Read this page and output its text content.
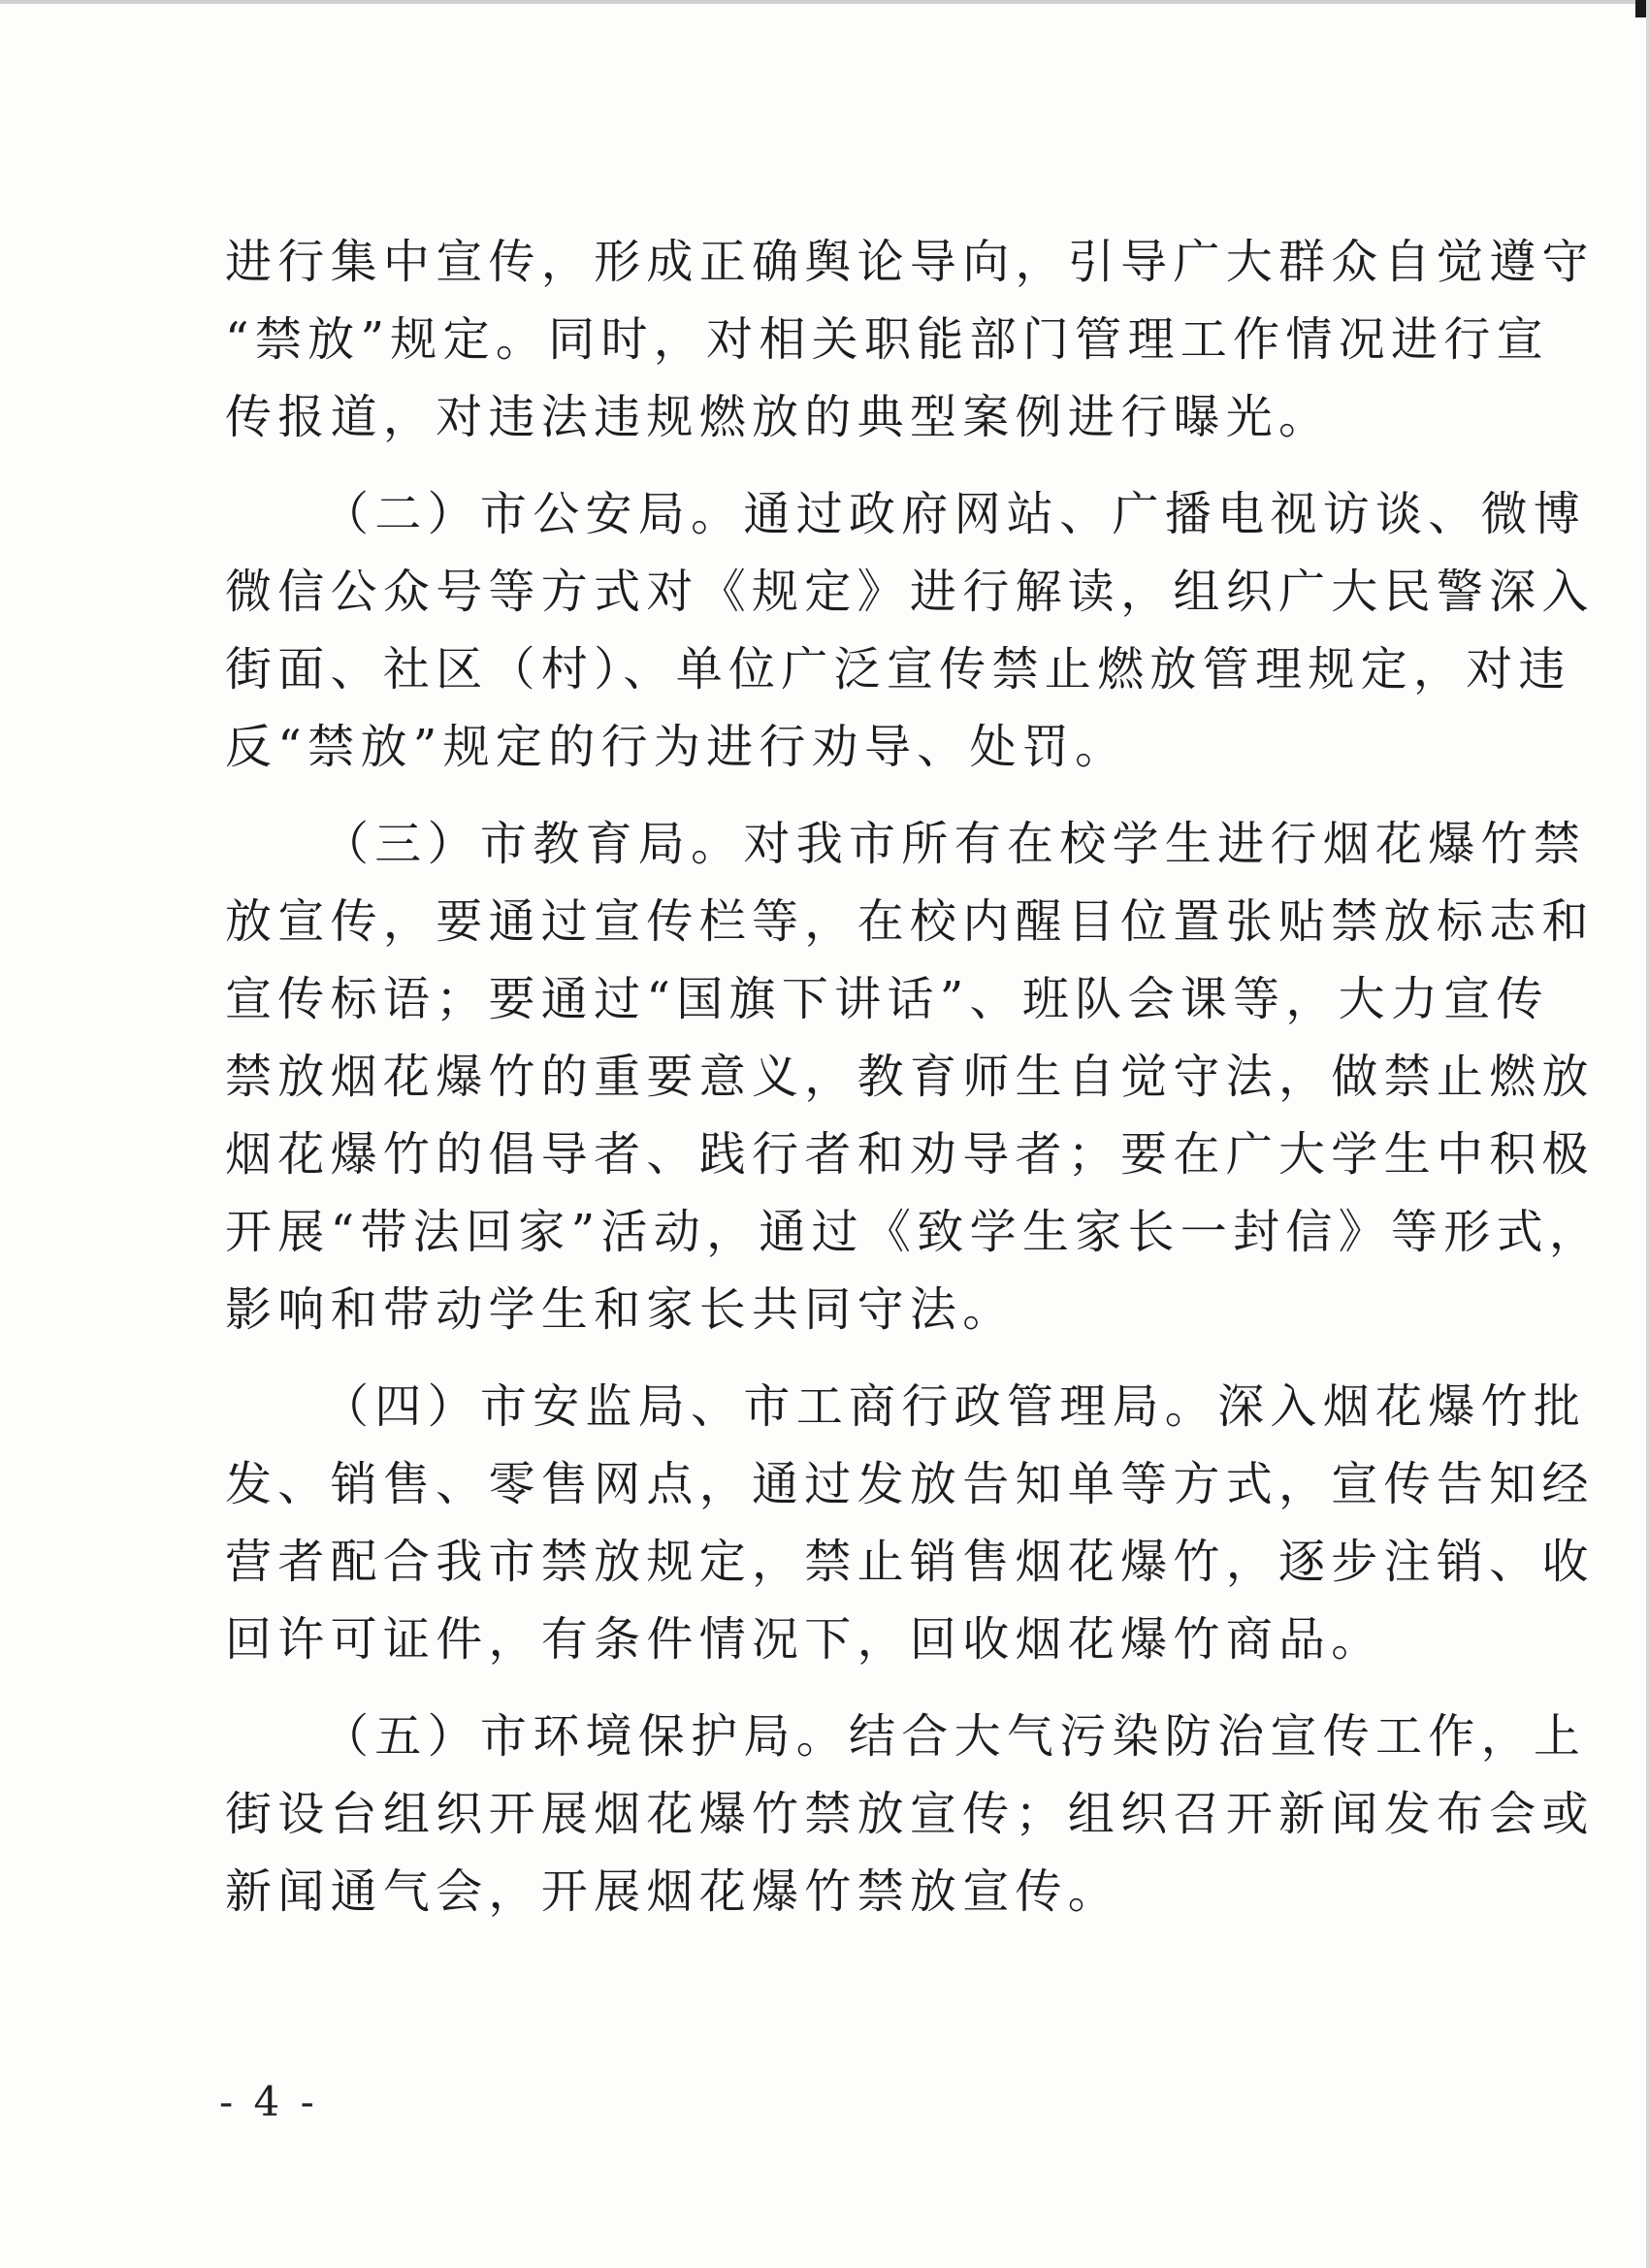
进行集中宣传，形成正确舆论导向，引导广大群众自觉遵守
“禁放”规定。同时，对相关职能部门管理工作情况进行宣
传报道，对违法违规燃放的典型案例进行曝光。
（二）市公安局。通过政府网站、广播电视访谈、微博
微信公众号等方式对《规定》进行解读，组织广大民警深入
街面、社区（村）、单位广泛宣传禁止燃放管理规定，对违
反“禁放”规定的行为进行劝导、处罚。
（三）市教育局。对我市所有在校学生进行烟花爆竹禁
放宣传，要通过宣传栏等，在校内醒目位置张贴禁放标志和
宣传标语；要通过“国旗下讲话”、班队会课等，大力宣传
禁放烟花爆竹的重要意义，教育师生自觉守法，做禁止燃放
烟花爆竹的倡导者、践行者和劝导者；要在广大学生中积极
开展“带法回家”活动，通过《致学生家长一封信》等形式，
影响和带动学生和家长共同守法。
（四）市安监局、市工商行政管理局。深入烟花爆竹批
发、销售、零售网点，通过发放告知单等方式，宣传告知经
营者配合我市禁放规定，禁止销售烟花爆竹，逐步注销、收
回许可证件，有条件情况下，回收烟花爆竹商品。
（五）市环境保护局。结合大气污染防治宣传工作，上
街设台组织开展烟花爆竹禁放宣传；组织召开新闻发布会或
新闻通气会，开展烟花爆竹禁放宣传。
- 4 -
